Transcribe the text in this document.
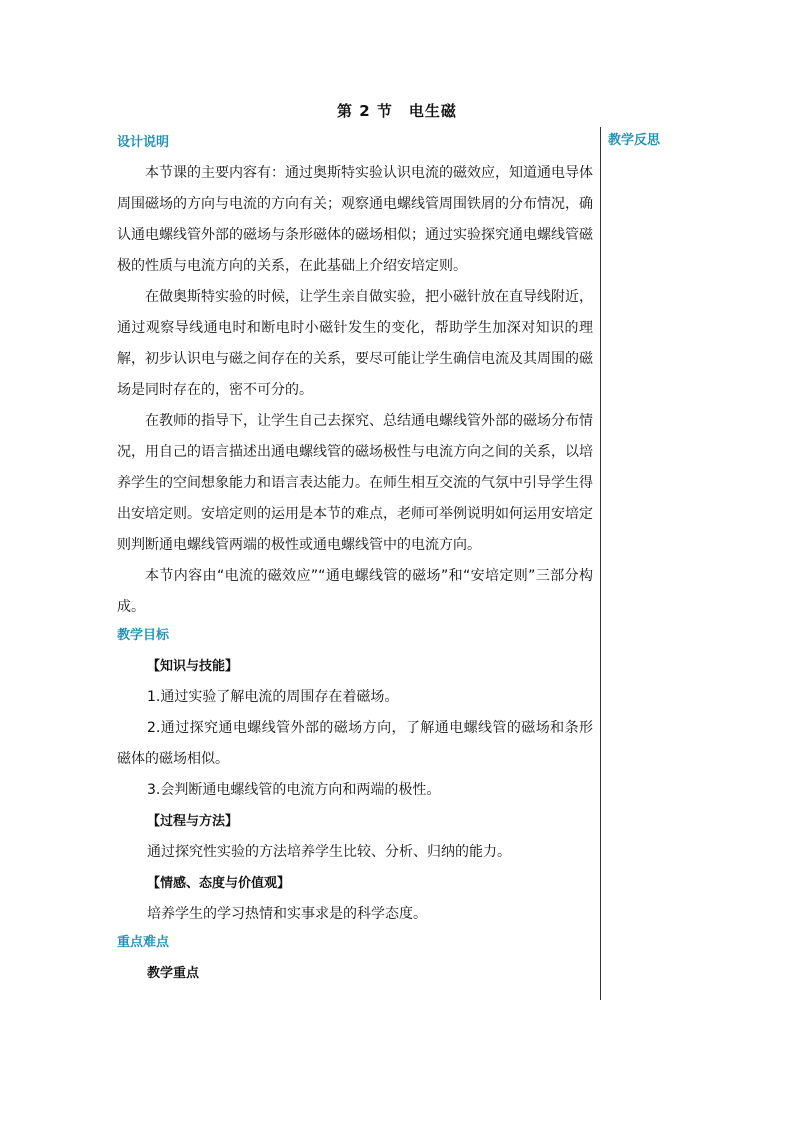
第 2 节　电生磁
教学反思
设计说明

本节课的主要内容有：通过奥斯特实验认识电流的磁效应，知道通电导体周围磁场的方向与电流的方向有关；观察通电螺线管周围铁屑的分布情况，确认通电螺线管外部的磁场与条形磁体的磁场相似；通过实验探究通电螺线管磁极的性质与电流方向的关系，在此基础上介绍安培定则。

在做奥斯特实验的时候，让学生亲自做实验，把小磁针放在直导线附近，通过观察导线通电时和断电时小磁针发生的变化，帮助学生加深对知识的理解，初步认识电与磁之间存在的关系，要尽可能让学生确信电流及其周围的磁场是同时存在的，密不可分的。

在教师的指导下，让学生自己去探究、总结通电螺线管外部的磁场分布情况，用自己的语言描述出通电螺线管的磁场极性与电流方向之间的关系，以培养学生的空间想象能力和语言表达能力。在师生相互交流的气氛中引导学生得出安培定则。安培定则的运用是本节的难点，老师可举例说明如何运用安培定则判断通电螺线管两端的极性或通电螺线管中的电流方向。

本节内容由“电流的磁效应”“通电螺线管的磁场”和“安培定则”三部分构成。

教学目标

【知识与技能】

1.通过实验了解电流的周围存在着磁场。

2.通过探究通电螺线管外部的磁场方向，了解通电螺线管的磁场和条形磁体的磁场相似。

3.会判断通电螺线管的电流方向和两端的极性。

【过程与方法】

通过探究性实验的方法培养学生比较、分析、归纳的能力。

【情感、态度与价值观】

培养学生的学习热情和实事求是的科学态度。

重点难点

教学重点
